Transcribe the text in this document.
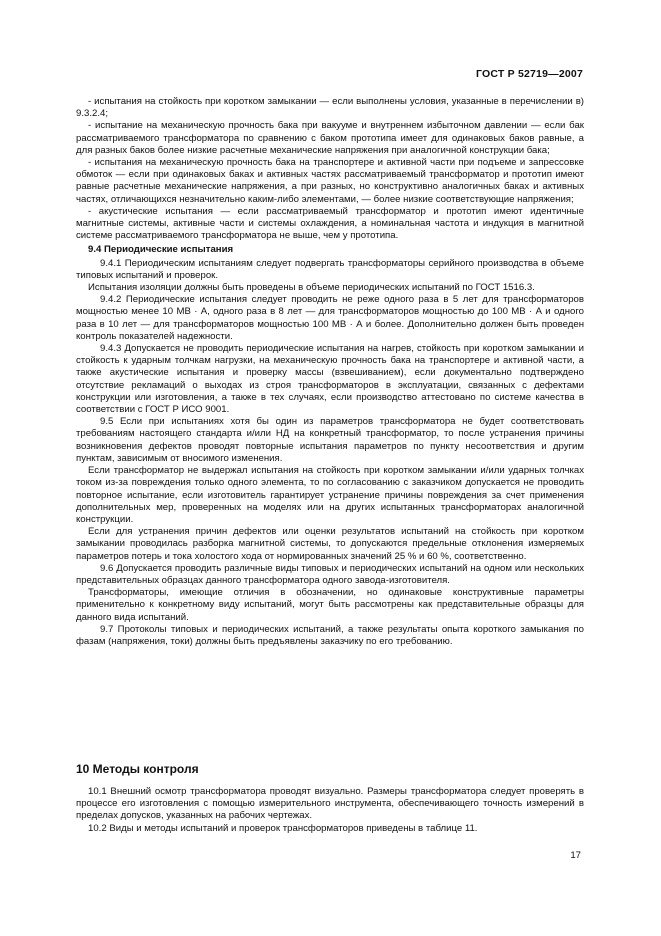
ГОСТ Р 52719—2007

- испытания на стойкость при коротком замыкании — если выполнены условия, указанные в перечислении в) 9.3.2.4;

- испытание на механическую прочность бака при вакууме и внутреннем избыточном давлении — если бак рассматриваемого трансформатора по сравнению с баком прототипа имеет для одинаковых баков равные, а для разных баков более низкие расчетные механические напряжения при аналогичной конструкции бака;

- испытания на механическую прочность бака на транспортере и активной части при подъеме и запрессовке обмоток — если при одинаковых баках и активных частях рассматриваемый трансформатор и прототип имеют равные расчетные механические напряжения, а при разных, но конструктивно аналогичных баках и активных частях, отличающихся незначительно каким-либо элементами, — более низкие соответствующие напряжения;

- акустические испытания — если рассматриваемый трансформатор и прототип имеют идентичные магнитные системы, активные части и системы охлаждения, а номинальная частота и индукция в магнитной системе рассматриваемого трансформатора не выше, чем у прототипа.

9.4 Периодические испытания

9.4.1 Периодическим испытаниям следует подвергать трансформаторы серийного производства в объеме типовых испытаний и проверок.

Испытания изоляции должны быть проведены в объеме периодических испытаний по ГОСТ 1516.3.

9.4.2 Периодические испытания следует проводить не реже одного раза в 5 лет для трансформаторов мощностью менее 10 МВ · А, одного раза в 8 лет — для трансформаторов мощностью до 100 МВ · А и одного раза в 10 лет — для трансформаторов мощностью 100 МВ · А и более. Дополнительно должен быть проведен контроль показателей надежности.

9.4.3 Допускается не проводить периодические испытания на нагрев, стойкость при коротком замыкании и стойкость к ударным толчкам нагрузки, на механическую прочность бака на транспортере и активной части, а также акустические испытания и проверку массы (взвешиванием), если документально подтверждено отсутствие рекламаций о выходах из строя трансформаторов в эксплуатации, связанных с дефектами конструкции или изготовления, а также в тех случаях, если производство аттестовано по системе качества в соответствии с ГОСТ Р ИСО 9001.

9.5 Если при испытаниях хотя бы один из параметров трансформатора не будет соответствовать требованиям настоящего стандарта и/или НД на конкретный трансформатор, то после устранения причины возникновения дефектов проводят повторные испытания параметров по пункту несоответствия и другим пунктам, зависимым от вносимого изменения.

Если трансформатор не выдержал испытания на стойкость при коротком замыкании и/или ударных толчках током из-за повреждения только одного элемента, то по согласованию с заказчиком допускается не проводить повторное испытание, если изготовитель гарантирует устранение причины повреждения за счет применения дополнительных мер, проверенных на моделях или на других испытанных трансформаторах аналогичной конструкции.

Если для устранения причин дефектов или оценки результатов испытаний на стойкость при коротком замыкании проводилась разборка магнитной системы, то допускаются предельные отклонения измеряемых параметров потерь и тока холостого хода от нормированных значений 25 % и 60 %, соответственно.

9.6 Допускается проводить различные виды типовых и периодических испытаний на одном или нескольких представительных образцах данного трансформатора одного завода-изготовителя.

Трансформаторы, имеющие отличия в обозначении, но одинаковые конструктивные параметры применительно к конкретному виду испытаний, могут быть рассмотрены как представительные образцы для данного вида испытаний.

9.7 Протоколы типовых и периодических испытаний, а также результаты опыта короткого замыкания по фазам (напряжения, токи) должны быть предъявлены заказчику по его требованию.

10 Методы контроля

10.1 Внешний осмотр трансформатора проводят визуально. Размеры трансформатора следует проверять в процессе его изготовления с помощью измерительного инструмента, обеспечивающего точность измерений в пределах допусков, указанных на рабочих чертежах.

10.2 Виды и методы испытаний и проверок трансформаторов приведены в таблице 11.

17
